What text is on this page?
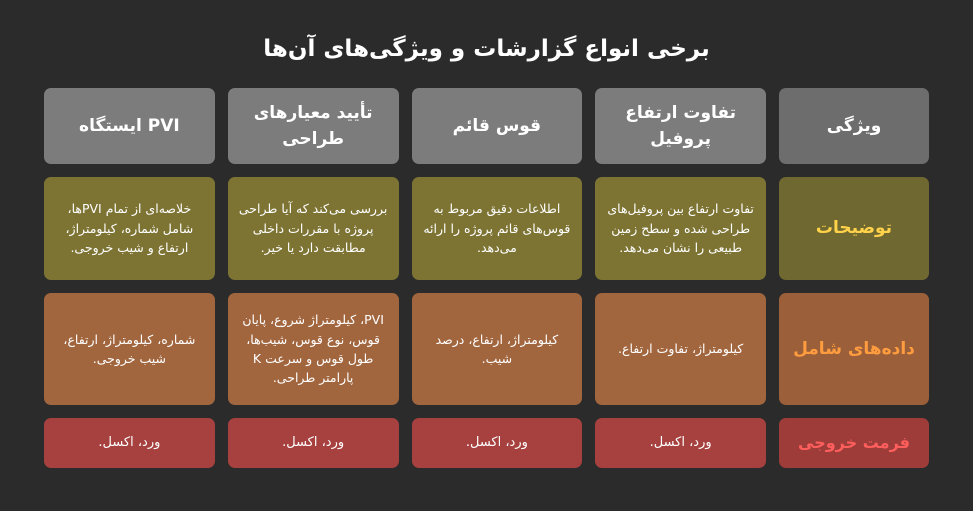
برخی انواع گزارشات و ویژگی‌های آن‌ها
ویژگی
تفاوت ارتفاع پروفیل
قوس قائم
تأیید معیارهای طراحی
PVI ایستگاه
توضیحات
تفاوت ارتفاع بین پروفیل‌های طراحی شده و سطح زمین طبیعی را نشان می‌دهد.
اطلاعات دقیق مربوط به قوس‌های قائم پروژه را ارائه می‌دهد.
بررسی می‌کند که آیا طراحی پروژه با مقررات داخلی مطابقت دارد یا خیر.
خلاصه‌ای از تمام PVI‌ها، شامل شماره، کیلومتراژ، ارتفاع و شیب خروجی.
داده‌های شامل
کیلومتراژ، تفاوت ارتفاع.
کیلومتراژ، ارتفاع، درصد شیب.
PVI، کیلومتراژ شروع، پایان قوس، نوع قوس، شیب‌ها، طول قوس و سرعت K پارامتر طراحی.
شماره، کیلومتراژ، ارتفاع، شیب خروجی.
فرمت خروجی
ورد، اکسل.
ورد، اکسل.
ورد، اکسل.
ورد، اکسل.
